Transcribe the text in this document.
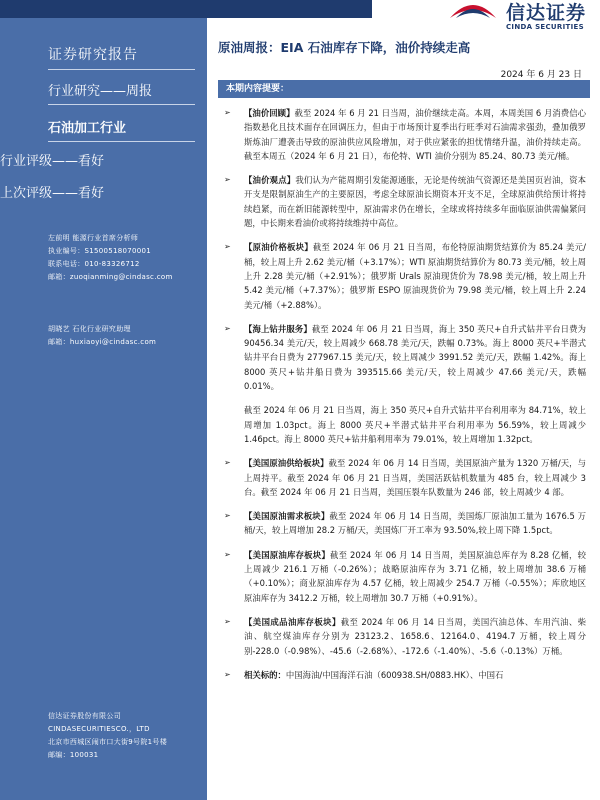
信达证券
CINDA SECURITIES
证券研究报告
行业研究——周报
石油加工行业
行业评级——看好
上次评级——看好
左前明 能源行业首席分析师
执业编号：S1500518070001
联系电话：010-83326712
邮箱：zuoqianming@cindasc.com
胡晓艺 石化行业研究助理
邮箱：huxiaoyi@cindasc.com
信达证券股份有限公司
CINDASECURITIESCO.，LTD
北京市西城区闹市口大街9号院1号楼
邮编：100031
原油周报：EIA 石油库存下降，油价持续走高
2024 年 6 月 23 日
本期内容提要：
➢ 【油价回顾】截至 2024 年 6 月 21 日当周，油价继续走高。本周，本周美国 6 月消费信心指数悬化且技术面存在回调压力，但由于市场预计夏季出行旺季对石油需求强劲，叠加俄罗斯炼油厂遭袭击导致的原油供应风险增加，对于供应紧张的担忧情绪升温，油价持续走高。截至本周五（2024 年 6 月 21 日），布伦特、WTI 油价分别为 85.24、80.73 美元/桶。
➢ 【油价观点】我们认为产能周期引发能源通胀，无论是传统油气资源还是美国页岩油，资本开支是限制原油生产的主要原因，考虑全球原油长期资本开支不足，全球原油供给预计将持续趋紧，而在新旧能源转型中，原油需求仍在增长，全球或将持续多年面临原油供需偏紧问题，中长期来看油价或将持续维持中高位。
➢ 【原油价格板块】截至 2024 年 06 月 21 日当周，布伦特原油期货结算价为 85.24 美元/桶，较上周上升 2.62 美元/桶（+3.17%）；WTI 原油期货结算价为 80.73 美元/桶，较上周上升 2.28 美元/桶（+2.91%）；俄罗斯 Urals 原油现货价为 78.98 美元/桶，较上周上升 5.42 美元/桶（+7.37%）；俄罗斯 ESPO 原油现货价为 79.98 美元/桶，较上周上升 2.24 美元/桶（+2.88%）。
➢ 【海上钻井服务】截至 2024 年 06 月 21 日当周，海上 350 英尺+自升式钻井平台日费为 90456.34 美元/天，较上周减少 668.78 美元/天，跌幅 0.73%。海上 8000 英尺+半潜式钻井平台日费为 277967.15 美元/天，较上周减少 3991.52 美元/天，跌幅 1.42%。海上 8000 英尺+钻井船日费为 393515.66 美元/天，较上周减少 47.66 美元/天，跌幅 0.01%。
截至 2024 年 06 月 21 日当周，海上 350 英尺+自升式钻井平台利用率为 84.71%，较上周增加 1.03pct。海上 8000 英尺+半潜式钻井平台利用率为 56.59%，较上周减少 1.46pct。海上 8000 英尺+钻井船利用率为 79.01%，较上周增加 1.32pct。
➢ 【美国原油供给板块】截至 2024 年 06 月 14 日当周，美国原油产量为 1320 万桶/天，与上周持平。截至 2024 年 06 月 21 日当周，美国活跃钻机数量为 485 台，较上周减少 3 台。截至 2024 年 06 月 21 日当周，美国压裂车队数量为 246 部，较上周减少 4 部。
➢ 【美国原油需求板块】截至 2024 年 06 月 14 日当周，美国炼厂原油加工量为 1676.5 万桶/天，较上周增加 28.2 万桶/天，美国炼厂开工率为 93.50%,较上周下降 1.5pct。
➢ 【美国原油库存板块】截至 2024 年 06 月 14 日当周，美国原油总库存为 8.28 亿桶，较上周减少 216.1 万桶（-0.26%）；战略原油库存为 3.71 亿桶，较上周增加 38.6 万桶（+0.10%）；商业原油库存为 4.57 亿桶，较上周减少 254.7 万桶（-0.55%）；库欣地区原油库存为 3412.2 万桶，较上周增加 30.7 万桶（+0.91%）。
➢ 【美国成品油库存板块】截至 2024 年 06 月 14 日当周，美国汽油总体、车用汽油、柴油、航空煤油库存分别为 23123.2、1658.6、12164.0、4194.7 万桶，较上周分别-228.0（-0.98%）、-45.6（-2.68%）、-172.6（-1.40%）、-5.6（-0.13%）万桶。
➢ 相关标的：中国海油/中国海洋石油（600938.SH/0883.HK）、中国石
